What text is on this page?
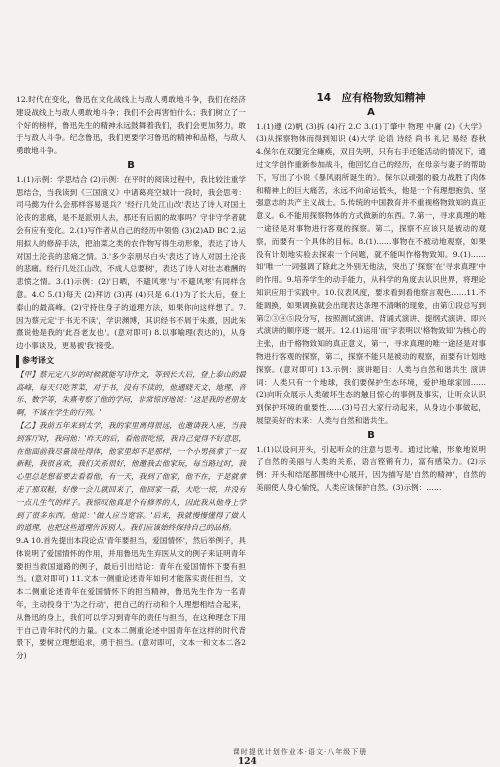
12.时代在变化，鲁迅在文化战线上与敌人勇敢地斗争，我们在经济建设战线上与敌人勇敢地斗争；我们不会再害怕什么；我们树立了一个好的榜样，鲁迅先生的精神永远鼓舞着我们，我们会更加努力，敢于与敌人斗争。纪念鲁迅，我们更要学习鲁迅的精神和品格，与敌人勇敢地斗争。

B

1.(1)示例：学思结合 (2)示例：在平时的阅读过程中，我比较注重学思结合，当我读到《三国演义》中诸葛亮空城计一段时，我会思考：司马懿为什么会那样容易退兵？'经行几处江山改'表达了诗人对国土沦丧的悲痛，是不是派别人去，那还有后面的故事吗？守非守学者就会有应有变化。2.(1)写作者从自己的经历中领悟 (3)(2)AD BC 2.运用拟人的修辞手法，把油菜之类的农作物写得生动形象，表达了诗人对国土沦丧的悲痛之情。3.'多少亲朋尽白头'表达了诗人对国土沦丧的悲痛。经行几处江山改，不成人总要树'，表达了诗人对壮志难酬的悲愤之情。3.(1)示例：(2)'日晒，不避风寒'与'不避风寒'有同样含意。4.C 5.(1)每天 (2)拜访 (3)再 (4)只是 6.(1)为了长大后，登上泰山的最高峰。(2)守持住身子的道理方法，如果你向这样想了。7.因为蔡元定'于书无不读'，学识渊博，其识经书不屑于朱熹，因此朱熹说他是我的'此吾老友也'。(意对即可) 8.以事喻理(表达的)，从身边小事谈及，更易被'我'接受。

参考译文

【甲】蔡元定八岁的时候就能写诗作文，等到长大后，登上泰山的最高峰，每天只吃荠菜，对于书，没有不读的，他通晓天文、地理、音乐、数学等，朱熹考察了他的学问，非常惊讶地说：'这是我的老朋友啊，不该在学生的行列。'

【乙】我前五年来到太学，我的家里离得很远，也邀请我入座，当我到客厅时，我问他：'昨天的后，看他很吃惊，我自己觉得不好意思，在他面前我尽量谈吐得体，他家里却不是那样，一个小男孩拿了一双新鞋，我很喜欢，我们关系很好，他邀我去他家玩，每当路过时，我心里总是想着要去看看他，有一天，我到了他家，他不在，于是就拿走了那双鞋，好像一会儿就回来了，他回家一看，大吃一惊，并没有一点儿生气的样子。我惊叹他真是个有修养的人，因此我从他身上学到了很多东西。他说：'做人应当宽容。'后来，我就慢慢懂得了做人的道理，也把这些道理告诉别人。我们应该始终保持自己的品格。

9.A 10.首先提出本段论点'青年要担当，爱国情怀'，然后举例子，具体说明了爱国情怀的作用，并用鲁迅先生弃医从文的例子来证明青年要担当救国道路的例子，最后引出结论：青年在爱国情怀下要有担当。(意对即可) 11.文本一侧重论述青年如何才能落实责任担当，文本二侧重论述青年在爱国情怀下的担当精神，鲁迅先生作为一名青年，主动投身于'为之行动'，把自己的行动和个人理想相结合起来，从鲁迅的身上，我们可以学习到青年的责任与担当，在这种理念下用于自己青年时代的力量。(文本二侧重论述中国青年在这样的时代背景下，要树立理想追求，勇于担当。(意对即可，文本一和文本二各2分)

14　应有格物致知精神
A

1.(1)遵 (2)帆 (3)拆 (4)行 2.C 3.(1)丁肇中 物理 中庸 (2)《大学》 (3)从探察物体而得到知识 (4)大学 论语 诗经 尚书 礼记 易经 春秋 4.保尔在双腿完全瘫痪，双目失明，只有右手还能活动的情况下，通过文学创作重新参加战斗，他回忆自己的经历，在母亲与妻子的帮助下，写出了小说《暴风雨所诞生的》。保尔以顽强的毅力战胜了肉体和精神上的巨大痛苦，永远不向命运低头，他是一个有理想抱负、坚强意志的共产主义战士。5.传统的中国教育并不重视格物致知的真正意义。6.不能用探察物体的方式做新的东西。7.第一，寻求真理的唯一途径是对事物进行客观的探察。第二，探察不应该只是被动的观察，而要有一个具体的目标。8.(1)……事物在不被动地观察，如果没有计划地实验去探索一个问题，就不能叫作格物致知。9.(1)……如'唯一'一词强调了除此之外别无他法，突出了'探察'在'寻求真理'中的作用。9.培养学生的动手能力，从科学的角度去认识世界，将理论知识应用于实践中。10.仪表风度，要求看到看他察言观色……11.不能调换，如果调换就会出现表达条理不清晰的现象，由第①段总写到第②③④⑤段分写，按照测试演讲、背诵式演讲、提纲式演讲、即兴式演讲的顺序逐一展开。12.(1)运用'而'字表明以'格物致知'为核心的主张，由于格物致知的真正意义，第一，寻求真理的唯一途径是对事物进行客观的探察，第二，探察不能只是被动的观察，而要有计划地探察。(意对即可) 13.示例：演讲题目：人类与自然和谐共生 演讲词：人类只有一个地球，我们要保护生态环境，爱护地球家园……(2)向听众展示人类破坏生态的触目惊心的事例及事实，让听众认识到保护环境的重要性……(3)号召大家行动起来，从身边小事做起，展望美好的未来：人类与自然和谐共生。

B

1.(1)以设问开头，引起听众的注意与思考。通过比喻，形象地说明了自然的美丽与人类的关系，语言铿锵有力，富有感染力。(2)示例：开头和结尾都围绕中心展开，因为描写是'自然的精神'，自然的美丽使人身心愉悦，人类应该保护自然。(3)示例：……

课时提优计划作业本·语文·八年级下册
124
